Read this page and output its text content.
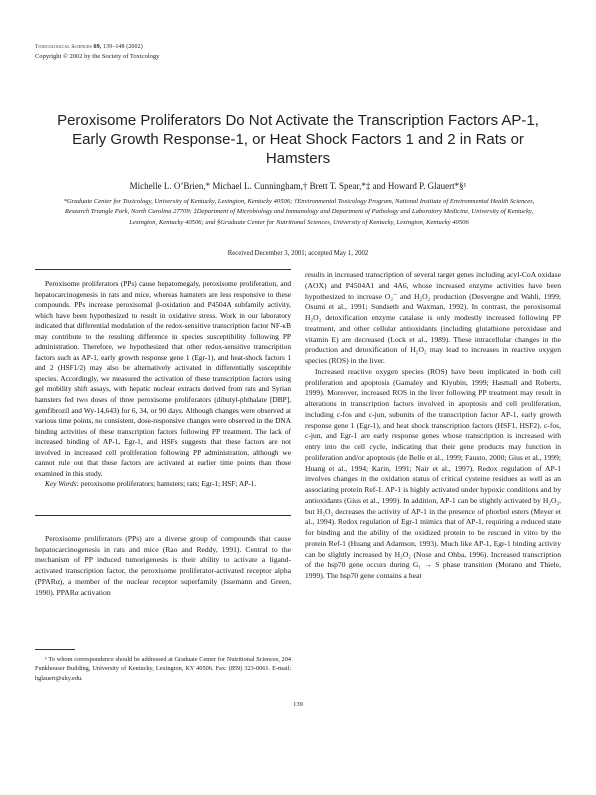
Toxicological Sciences 69, 139–148 (2002)
Copyright © 2002 by the Society of Toxicology
Peroxisome Proliferators Do Not Activate the Transcription Factors AP-1, Early Growth Response-1, or Heat Shock Factors 1 and 2 in Rats or Hamsters
Michelle L. O’Brien,* Michael L. Cunningham,† Brett T. Spear,*‡ and Howard P. Glauert*§¹
*Graduate Center for Toxicology, University of Kentucky, Lexington, Kentucky 40506; †Environmental Toxicology Program, National Institute of Environmental Health Sciences, Research Triangle Park, North Carolina 27709; ‡Department of Microbiology and Immunology and Department of Pathology and Laboratory Medicine, University of Kentucky, Lexington, Kentucky 40506; and §Graduate Center for Nutritional Sciences, University of Kentucky, Lexington, Kentucky 40506
Received December 3, 2001; accepted May 1, 2002

Peroxisome proliferators (PPs) cause hepatomegaly, peroxisome proliferation, and hepatocarcinogenesis in rats and mice, whereas hamsters are less responsive to these compounds. PPs increase peroxisomal β-oxidation and P4504A subfamily activity, which have been hypothesized to result in oxidative stress. Work in our laboratory indicated that differential modulation of the redox-sensitive transcription factor NF-κB may contribute to the resulting difference in species susceptibility following PP administration. Therefore, we hypothesized that other redox-sensitive transcription factors such as AP-1, early growth response gene 1 (Egr-1), and heat-shock factors 1 and 2 (HSF1/2) may also be alternatively activated in differentially susceptible species. Accordingly, we measured the activation of these transcription factors using gel mobility shift assays, with hepatic nuclear extracts derived from rats and Syrian hamsters fed two doses of three peroxisome proliferators (dibutyl-phthalate [DBP], gemfibrozil and Wy-14,643) for 6, 34, or 90 days. Although changes were observed at various time points, no consistent, dose-responsive changes were observed in the DNA binding activities of these transcription factors following PP treatment. The lack of increased binding of AP-1, Egr-1, and HSFs suggests that these factors are not involved in increased cell proliferation following PP administration, although we cannot rule out that these factors are activated at earlier time points than those examined in this study.

Key Words: peroxisome proliferators; hamsters; rats; Egr-1; HSF; AP-1.

Peroxisome proliferators (PPs) are a diverse group of compounds that cause hepatocarcinogenesis in rats and mice (Rao and Reddy, 1991). Central to the mechanism of PP induced tumorigenesis is their ability to activate a ligand-activated transcription factor, the peroxisome proliferator-activated receptor alpha (PPARα), a member of the nuclear receptor superfamily (Issemann and Green, 1990). PPARα activation

¹ To whom correspondence should be addressed at Graduate Center for Nutritional Sciences, 204 Funkhouser Building, University of Kentucky, Lexington, KY 40506. Fax: (859) 323-0061. E-mail: hglauert@uky.edu.

results in increased transcription of several target genes including acyl-CoA oxidase (AOX) and P4504A1 and 4A6, whose increased enzyme activities have been hypothesized to increase O₂⁻ and H₂O₂ production (Desvergne and Wahli, 1999; Osumi et al., 1991; Sundseth and Waxman, 1992). In contrast, the peroxisomal H₂O₂ detoxification enzyme catalase is only modestly increased following PP treatment, and other cellular antioxidants (including glutathione peroxidase and vitamin E) are decreased (Lock et al., 1989). These intracellular changes in the production and detoxification of H₂O₂ may lead to increases in reactive oxygen species (ROS) in the liver.

Increased reactive oxygen species (ROS) have been implicated in both cell proliferation and apoptosis (Gamaley and Klyubin, 1999; Hasmall and Roberts, 1999). Moreover, increased ROS in the liver following PP treatment may result in alterations in transcription factors involved in apoptosis and cell proliferation, including c-fos and c-jun, subunits of the transcription factor AP-1, early growth response gene 1 (Egr-1), and heat shock transcription factors (HSF1, HSF2). c-fos, c-jun, and Egr-1 are early response genes whose transcription is increased with entry into the cell cycle, indicating that their gene products may function in proliferation and/or apoptosis (de Belle et al., 1999; Fausto, 2000; Gius et al., 1999; Huang et al., 1994; Karin, 1991; Nair et al., 1997). Redox regulation of AP-1 involves changes in the oxidation status of critical cysteine residues as well as an associating protein Ref-1. AP-1 is highly activated under hypoxic conditions and by antioxidants (Gius et al., 1999). In addition, AP-1 can be slightly activated by H₂O₂, but H₂O₂ decreases the activity of AP-1 in the presence of phorbol esters (Meyer et al., 1994). Redox regulation of Egr-1 mimics that of AP-1, requiring a reduced state for binding and the ability of the oxidized protein to be rescued in vitro by the protein Ref-1 (Huang and Adamson, 1993). Much like AP-1, Egr-1 binding activity can be slightly increased by H₂O₂ (Nose and Ohba, 1996). Increased transcription of the hsp70 gene occurs during G₁ → S phase transition (Morano and Thiele, 1999). The hsp70 gene contains a heat

139
